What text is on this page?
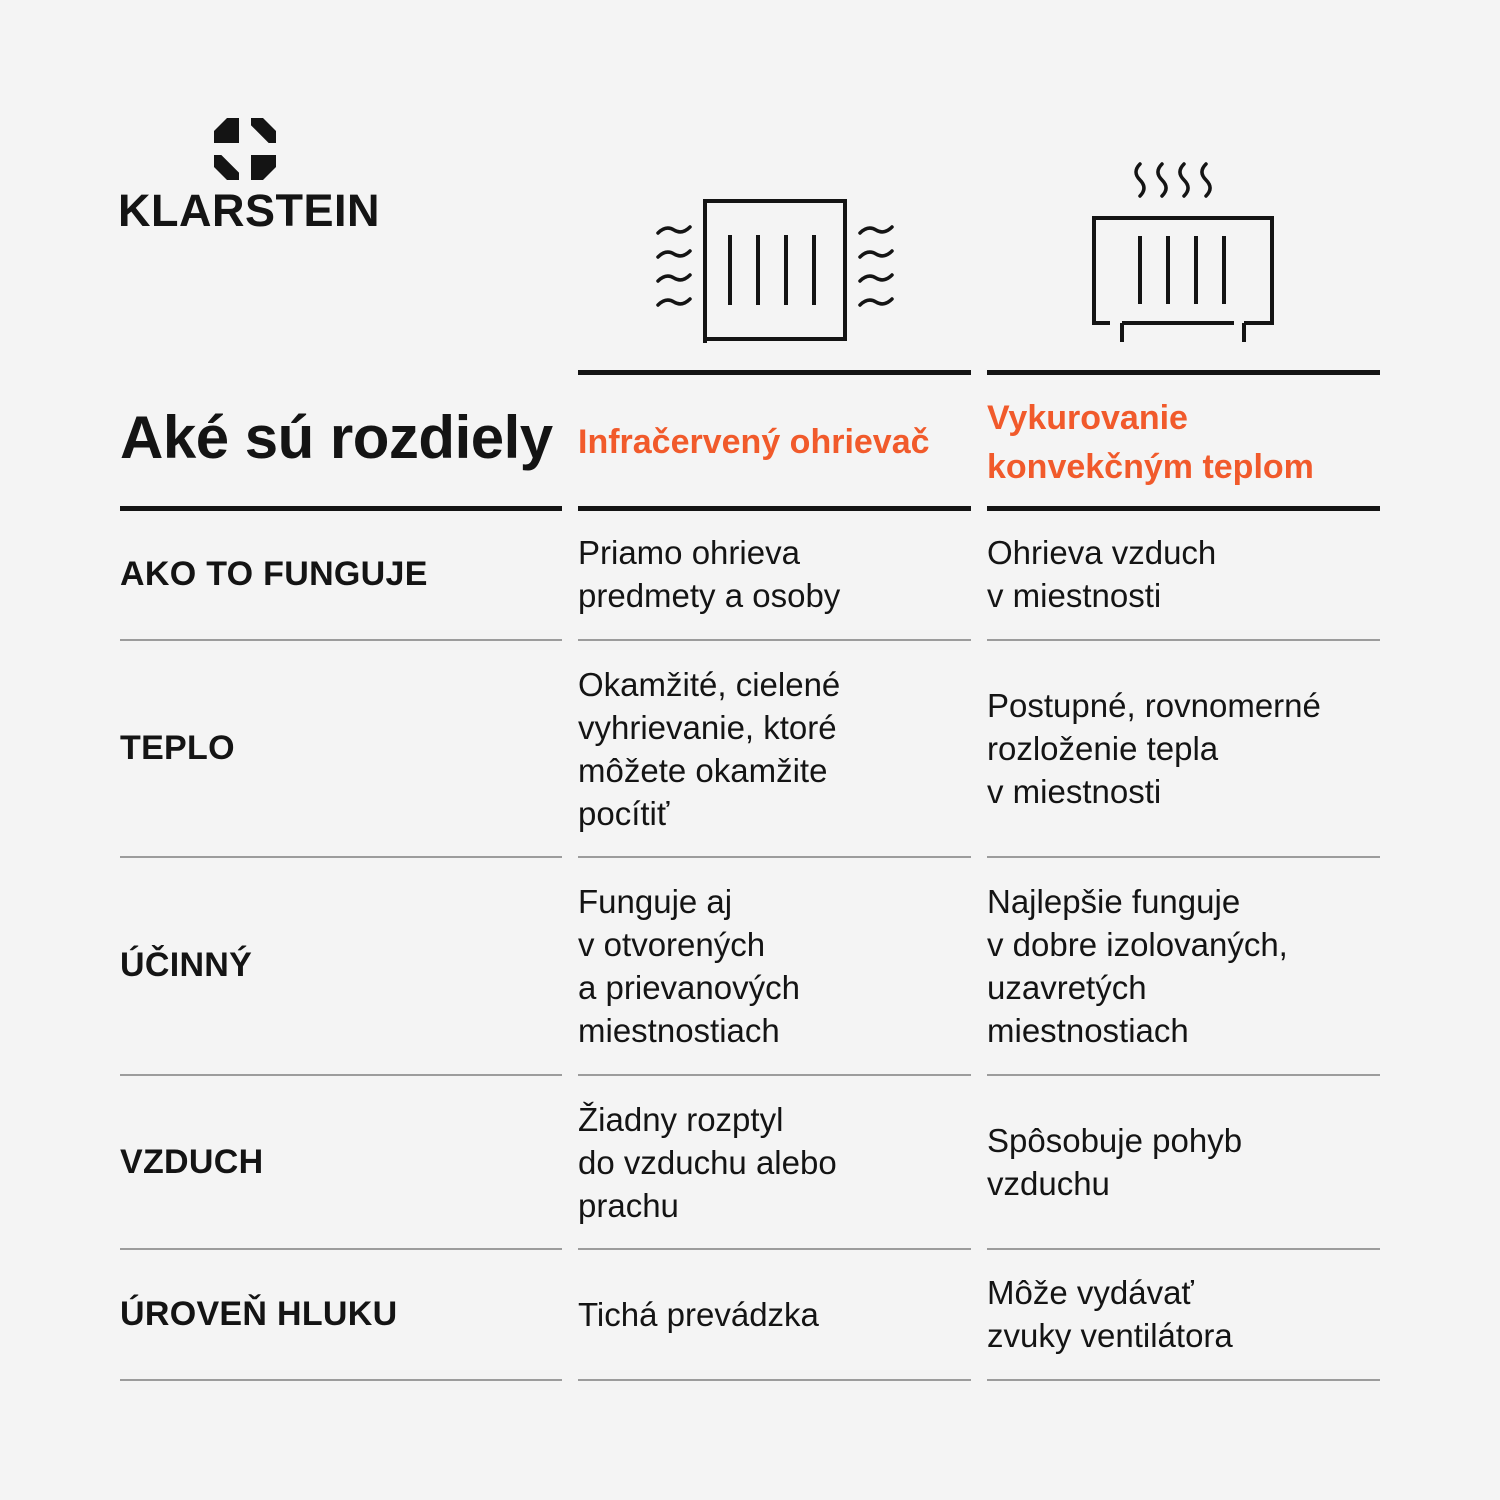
KLARSTEIN
Aké sú rozdiely Infračervený ohrievač
Vykurovanie
konvekčným teplom
AKO TO FUNGUJE
Priamo ohrieva
predmety a osoby
Ohrieva vzduch
v miestnosti
TEPLO
Okamžité, cielené
vyhrievanie, ktoré
môžete okamžite
pocítiť
Postupné, rovnomerné
rozloženie tepla
v miestnosti
ÚČINNÝ
Funguje aj
v otvorených
a prievanových
miestnostiach
Najlepšie funguje
v dobre izolovaných,
uzavretých
miestnostiach
VZDUCH
Žiadny rozptyl
do vzduchu alebo
prachu
Spôsobuje pohyb
vzduchu
ÚROVEŇ HLUKU	Tichá prevádzka
Môže vydávať
zvuky ventilátora
